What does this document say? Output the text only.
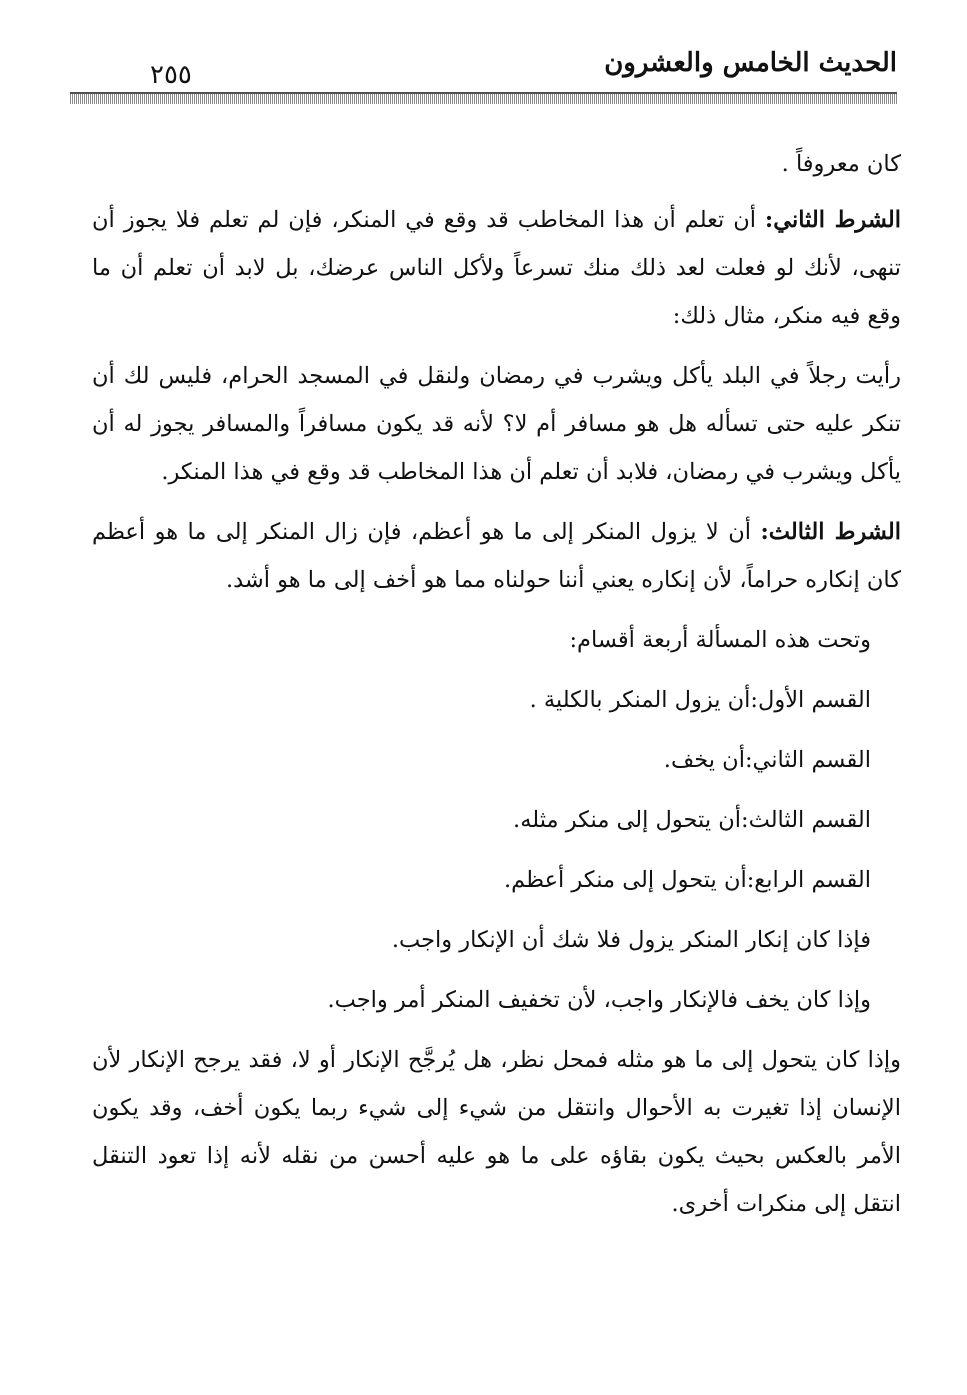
الحديث الخامس والعشرون
٢٥٥

كان معروفاً .

الشرط الثاني: أن تعلم أن هذا المخاطب قد وقع في المنكر، فإن لم تعلم فلا يجوز أن تنهى، لأنك لو فعلت لعد ذلك منك تسرعاً ولأكل الناس عرضك، بل لابد أن تعلم أن ما وقع فيه منكر، مثال ذلك:

رأيت رجلاً في البلد يأكل ويشرب في رمضان ولنقل في المسجد الحرام، فليس لك أن تنكر عليه حتى تسأله هل هو مسافر أم لا؟ لأنه قد يكون مسافراً والمسافر يجوز له أن يأكل ويشرب في رمضان، فلابد أن تعلم أن هذا المخاطب قد وقع في هذا المنكر.

الشرط الثالث: أن لا يزول المنكر إلى ما هو أعظم، فإن زال المنكر إلى ما هو أعظم كان إنكاره حراماً، لأن إنكاره يعني أننا حولناه مما هو أخف إلى ما هو أشد.

وتحت هذه المسألة أربعة أقسام:

القسم الأول:أن يزول المنكر بالكلية .

القسم الثاني:أن يخف.

القسم الثالث:أن يتحول إلى منكر مثله.

القسم الرابع:أن يتحول إلى منكر أعظم.

فإذا كان إنكار المنكر يزول فلا شك أن الإنكار واجب.

وإذا كان يخف فالإنكار واجب، لأن تخفيف المنكر أمر واجب.

وإذا كان يتحول إلى ما هو مثله فمحل نظر، هل يُرجَّح الإنكار أو لا، فقد يرجح الإنكار لأن الإنسان إذا تغيرت به الأحوال وانتقل من شيء إلى شيء ربما يكون أخف، وقد يكون الأمر بالعكس بحيث يكون بقاؤه على ما هو عليه أحسن من نقله لأنه إذا تعود التنقل انتقل إلى منكرات أخرى.
